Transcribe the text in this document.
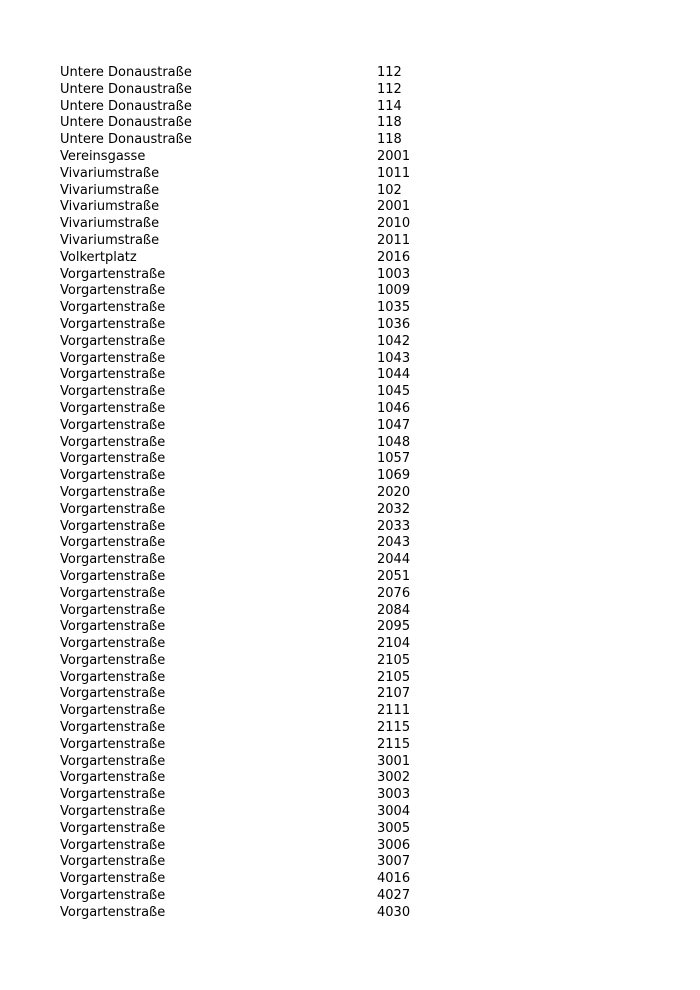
Untere Donaustraße	112
Untere Donaustraße	112
Untere Donaustraße	114
Untere Donaustraße	118
Untere Donaustraße	118
Vereinsgasse	2001
Vivariumstraße	1011
Vivariumstraße	102
Vivariumstraße	2001
Vivariumstraße	2010
Vivariumstraße	2011
Volkertplatz	2016
Vorgartenstraße	1003
Vorgartenstraße	1009
Vorgartenstraße	1035
Vorgartenstraße	1036
Vorgartenstraße	1042
Vorgartenstraße	1043
Vorgartenstraße	1044
Vorgartenstraße	1045
Vorgartenstraße	1046
Vorgartenstraße	1047
Vorgartenstraße	1048
Vorgartenstraße	1057
Vorgartenstraße	1069
Vorgartenstraße	2020
Vorgartenstraße	2032
Vorgartenstraße	2033
Vorgartenstraße	2043
Vorgartenstraße	2044
Vorgartenstraße	2051
Vorgartenstraße	2076
Vorgartenstraße	2084
Vorgartenstraße	2095
Vorgartenstraße	2104
Vorgartenstraße	2105
Vorgartenstraße	2105
Vorgartenstraße	2107
Vorgartenstraße	2111
Vorgartenstraße	2115
Vorgartenstraße	2115
Vorgartenstraße	3001
Vorgartenstraße	3002
Vorgartenstraße	3003
Vorgartenstraße	3004
Vorgartenstraße	3005
Vorgartenstraße	3006
Vorgartenstraße	3007
Vorgartenstraße	4016
Vorgartenstraße	4027
Vorgartenstraße	4030
